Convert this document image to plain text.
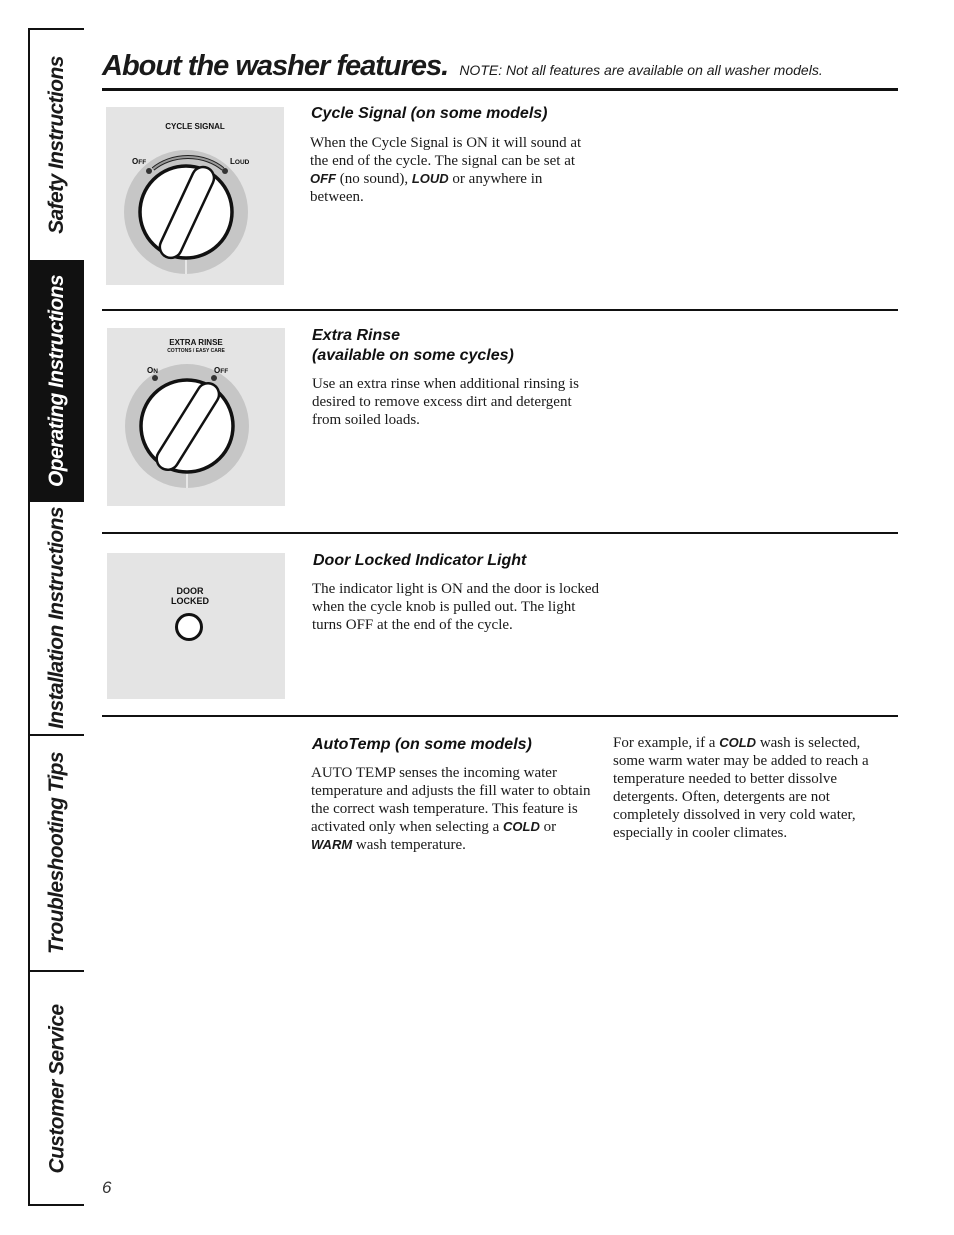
Safety Instructions
Operating Instructions
Installation Instructions
Troubleshooting Tips
Customer Service
About the washer features. NOTE: Not all features are available on all washer models.
CYCLE SIGNAL
OFF	LOUD
Cycle Signal (on some models)
When the Cycle Signal is ON it will sound at the end of the cycle. The signal can be set at OFF (no sound), LOUD or anywhere in between.
EXTRA RINSE
COTTONS / EASY CARE
ON	OFF
Extra Rinse
(available on some cycles)
Use an extra rinse when additional rinsing is desired to remove excess dirt and detergent from soiled loads.
DOOR
LOCKED
Door Locked Indicator Light
The indicator light is ON and the door is locked when the cycle knob is pulled out. The light turns OFF at the end of the cycle.
AutoTemp (on some models)
AUTO TEMP senses the incoming water temperature and adjusts the fill water to obtain the correct wash temperature. This feature is activated only when selecting a COLD or WARM wash temperature.
For example, if a COLD wash is selected, some warm water may be added to reach a temperature needed to better dissolve detergents. Often, detergents are not completely dissolved in very cold water, especially in cooler climates.
6
